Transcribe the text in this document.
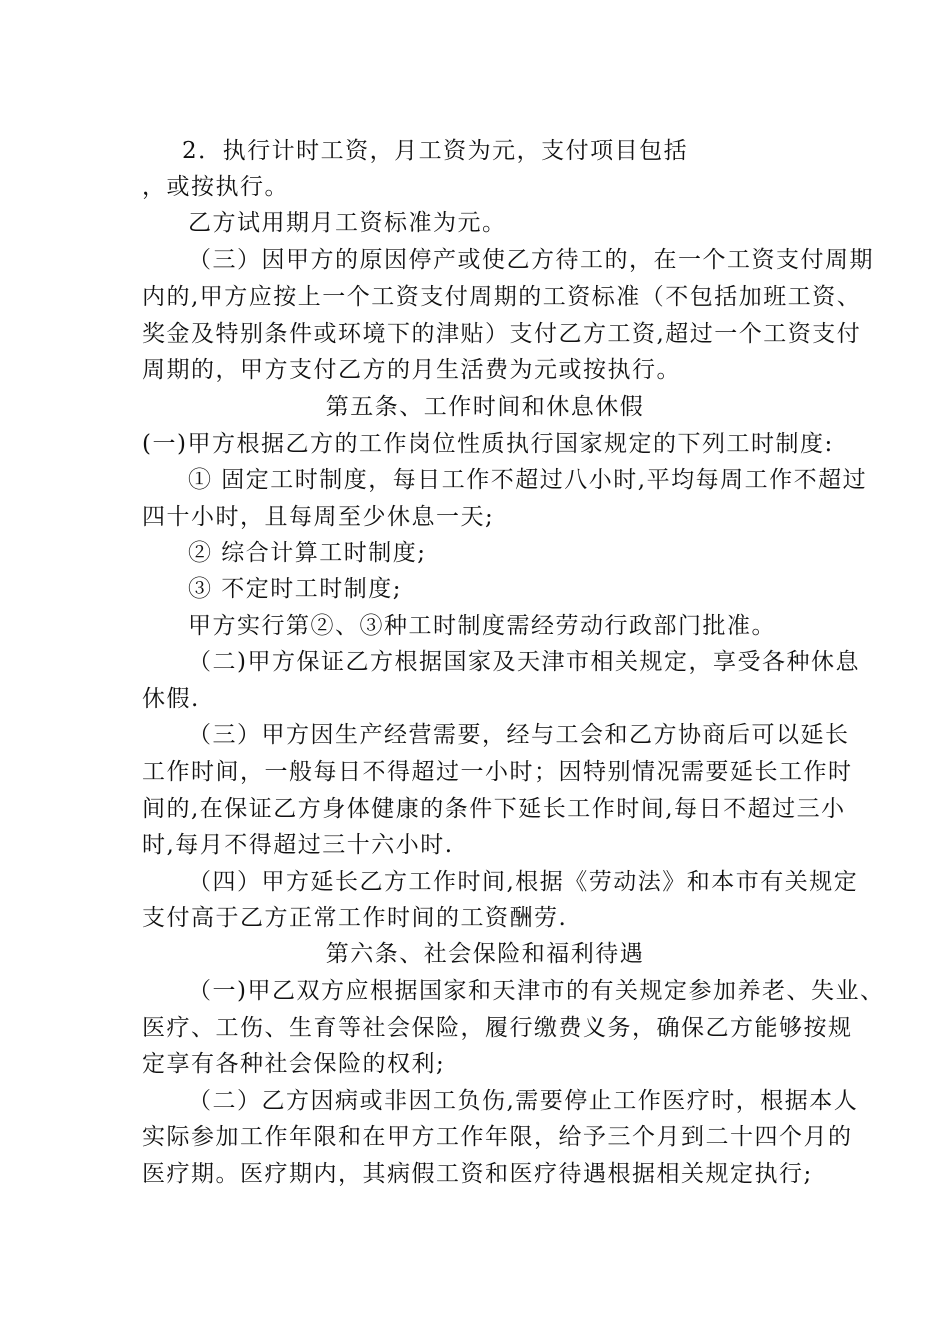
2．执行计时工资，月工资为元，支付项目包括
，或按执行。
乙方试用期月工资标准为元。
（三）因甲方的原因停产或使乙方待工的，在一个工资支付周期
内的,甲方应按上一个工资支付周期的工资标准（不包括加班工资、
奖金及特别条件或环境下的津贴）支付乙方工资,超过一个工资支付
周期的，甲方支付乙方的月生活费为元或按执行。
第五条、工作时间和休息休假
(一)甲方根据乙方的工作岗位性质执行国家规定的下列工时制度:
① 固定工时制度，每日工作不超过八小时,平均每周工作不超过
四十小时，且每周至少休息一天;
② 综合计算工时制度;
③ 不定时工时制度;
甲方实行第②、③种工时制度需经劳动行政部门批准。
（二)甲方保证乙方根据国家及天津市相关规定，享受各种休息
休假.
（三）甲方因生产经营需要，经与工会和乙方协商后可以延长
工作时间，一般每日不得超过一小时；因特别情况需要延长工作时
间的,在保证乙方身体健康的条件下延长工作时间,每日不超过三小
时,每月不得超过三十六小时.
（四）甲方延长乙方工作时间,根据《劳动法》和本市有关规定
支付高于乙方正常工作时间的工资酬劳.
第六条、社会保险和福利待遇
（一)甲乙双方应根据国家和天津市的有关规定参加养老、失业、
医疗、工伤、生育等社会保险，履行缴费义务，确保乙方能够按规
定享有各种社会保险的权利;
（二）乙方因病或非因工负伤,需要停止工作医疗时，根据本人
实际参加工作年限和在甲方工作年限，给予三个月到二十四个月的
医疗期。医疗期内，其病假工资和医疗待遇根据相关规定执行;
